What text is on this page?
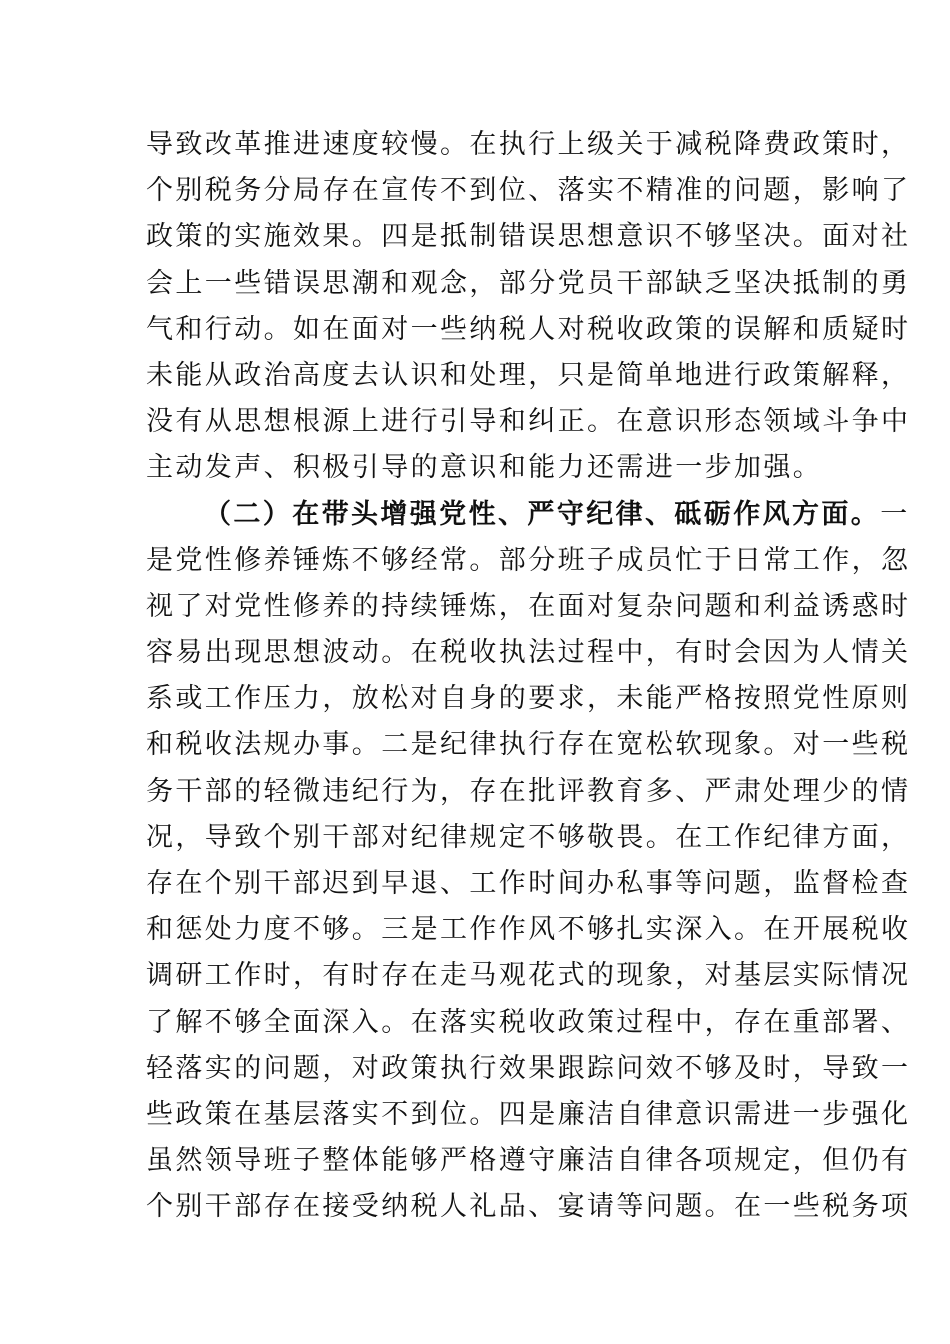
导致改革推进速度较慢。在执行上级关于减税降费政策时，
个别税务分局存在宣传不到位、落实不精准的问题，影响了
政策的实施效果。四是抵制错误思想意识不够坚决。面对社
会上一些错误思潮和观念，部分党员干部缺乏坚决抵制的勇
气和行动。如在面对一些纳税人对税收政策的误解和质疑时
未能从政治高度去认识和处理，只是简单地进行政策解释，
没有从思想根源上进行引导和纠正。在意识形态领域斗争中
主动发声、积极引导的意识和能力还需进一步加强。
（二）在带头增强党性、严守纪律、砥砺作风方面。一
是党性修养锤炼不够经常。部分班子成员忙于日常工作，忽
视了对党性修养的持续锤炼，在面对复杂问题和利益诱惑时
容易出现思想波动。在税收执法过程中，有时会因为人情关
系或工作压力，放松对自身的要求，未能严格按照党性原则
和税收法规办事。二是纪律执行存在宽松软现象。对一些税
务干部的轻微违纪行为，存在批评教育多、严肃处理少的情
况，导致个别干部对纪律规定不够敬畏。在工作纪律方面，
存在个别干部迟到早退、工作时间办私事等问题，监督检查
和惩处力度不够。三是工作作风不够扎实深入。在开展税收
调研工作时，有时存在走马观花式的现象，对基层实际情况
了解不够全面深入。在落实税收政策过程中，存在重部署、
轻落实的问题，对政策执行效果跟踪问效不够及时，导致一
些政策在基层落实不到位。四是廉洁自律意识需进一步强化
虽然领导班子整体能够严格遵守廉洁自律各项规定，但仍有
个别干部存在接受纳税人礼品、宴请等问题。在一些税务项
